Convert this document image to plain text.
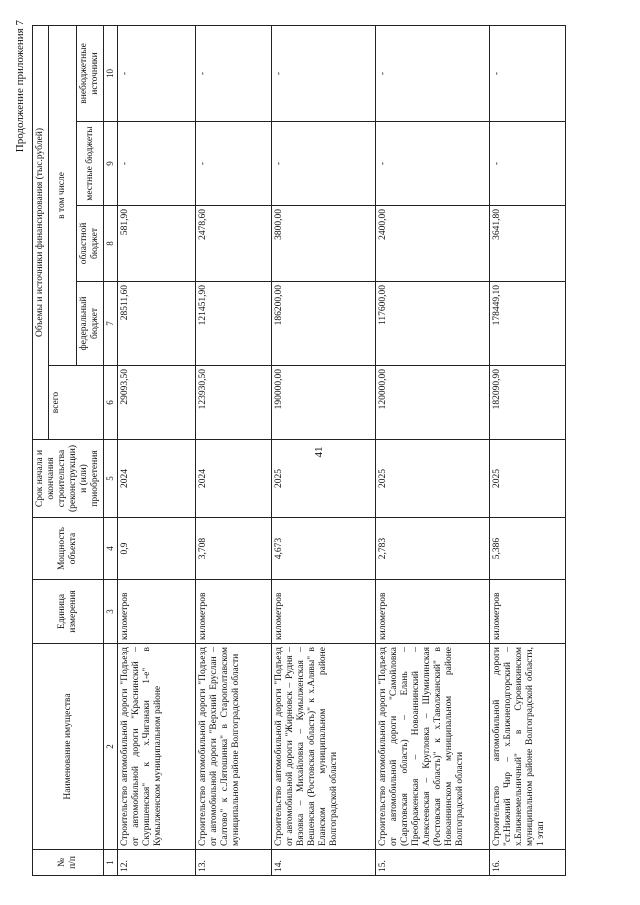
41
Продолжение приложения 7
№
п/п	Наименование имущества	Единица измерения	Мощность объекта	Срок начала и окончания строительства (реконструкции) и (или) приобретения	Объемы и источники финансирования (тыс.рублей)				
					всего	в том числе			
						федеральный бюджет	областной бюджет	местные бюджеты	внебюджетные источники
1	2	3	4	5	6	7	8	9	10
12.	Строительство автомобильной дороги "Подъезд от автомобильной дороги "Краснинский – Скуришенская" к х.Чиганаки 1-е" в Кумылженском муниципальном районе	километров	0,9	2024	29093,50	28511,60	581,90	-	-
13.	Строительство автомобильной дороги "Подъезд от автомобильной дороги "Верхний Еруслан – Салтово" к с.Лятошинка" в Старополтавском муниципальном районе Волгоградской области	километров	3,708	2024	123930,50	121451,90	2478,60	-	-
14.	Строительство автомобильной дороги "Подъезд от автомобильной дороги "Жирновск – Рудня – Вязовка – Михайловка – Кумылженская – Вешенская (Ростовская область)" к х.Алявы" в Еланском муниципальном районе Волгоградской области	километров	4,673	2025	190000,00	186200,00	3800,00	-	-
15.	Строительство автомобильной дороги "Подъезд от автомобильной дороги "Самойловка (Саратовская область) – Елань – Преображенская – Новоаннинский – Алексеевская – Кругловка – Шумилинская (Ростовская область)" к х.Таволжанский" в Новоаннинском муниципальном районе Волгоградской области	километров	2,783	2025	120000,00	117600,00	2400,00	-	-
16.	Строительство автомобильной дороги "ст.Нижний Чир – х.Ближнеподгорский – х.Ближнемельничный" в Суровикинском муниципальном районе Волгоградской области, 1 этап	километров	5,386	2025	182090,90	178449,10	3641,80	-	-
